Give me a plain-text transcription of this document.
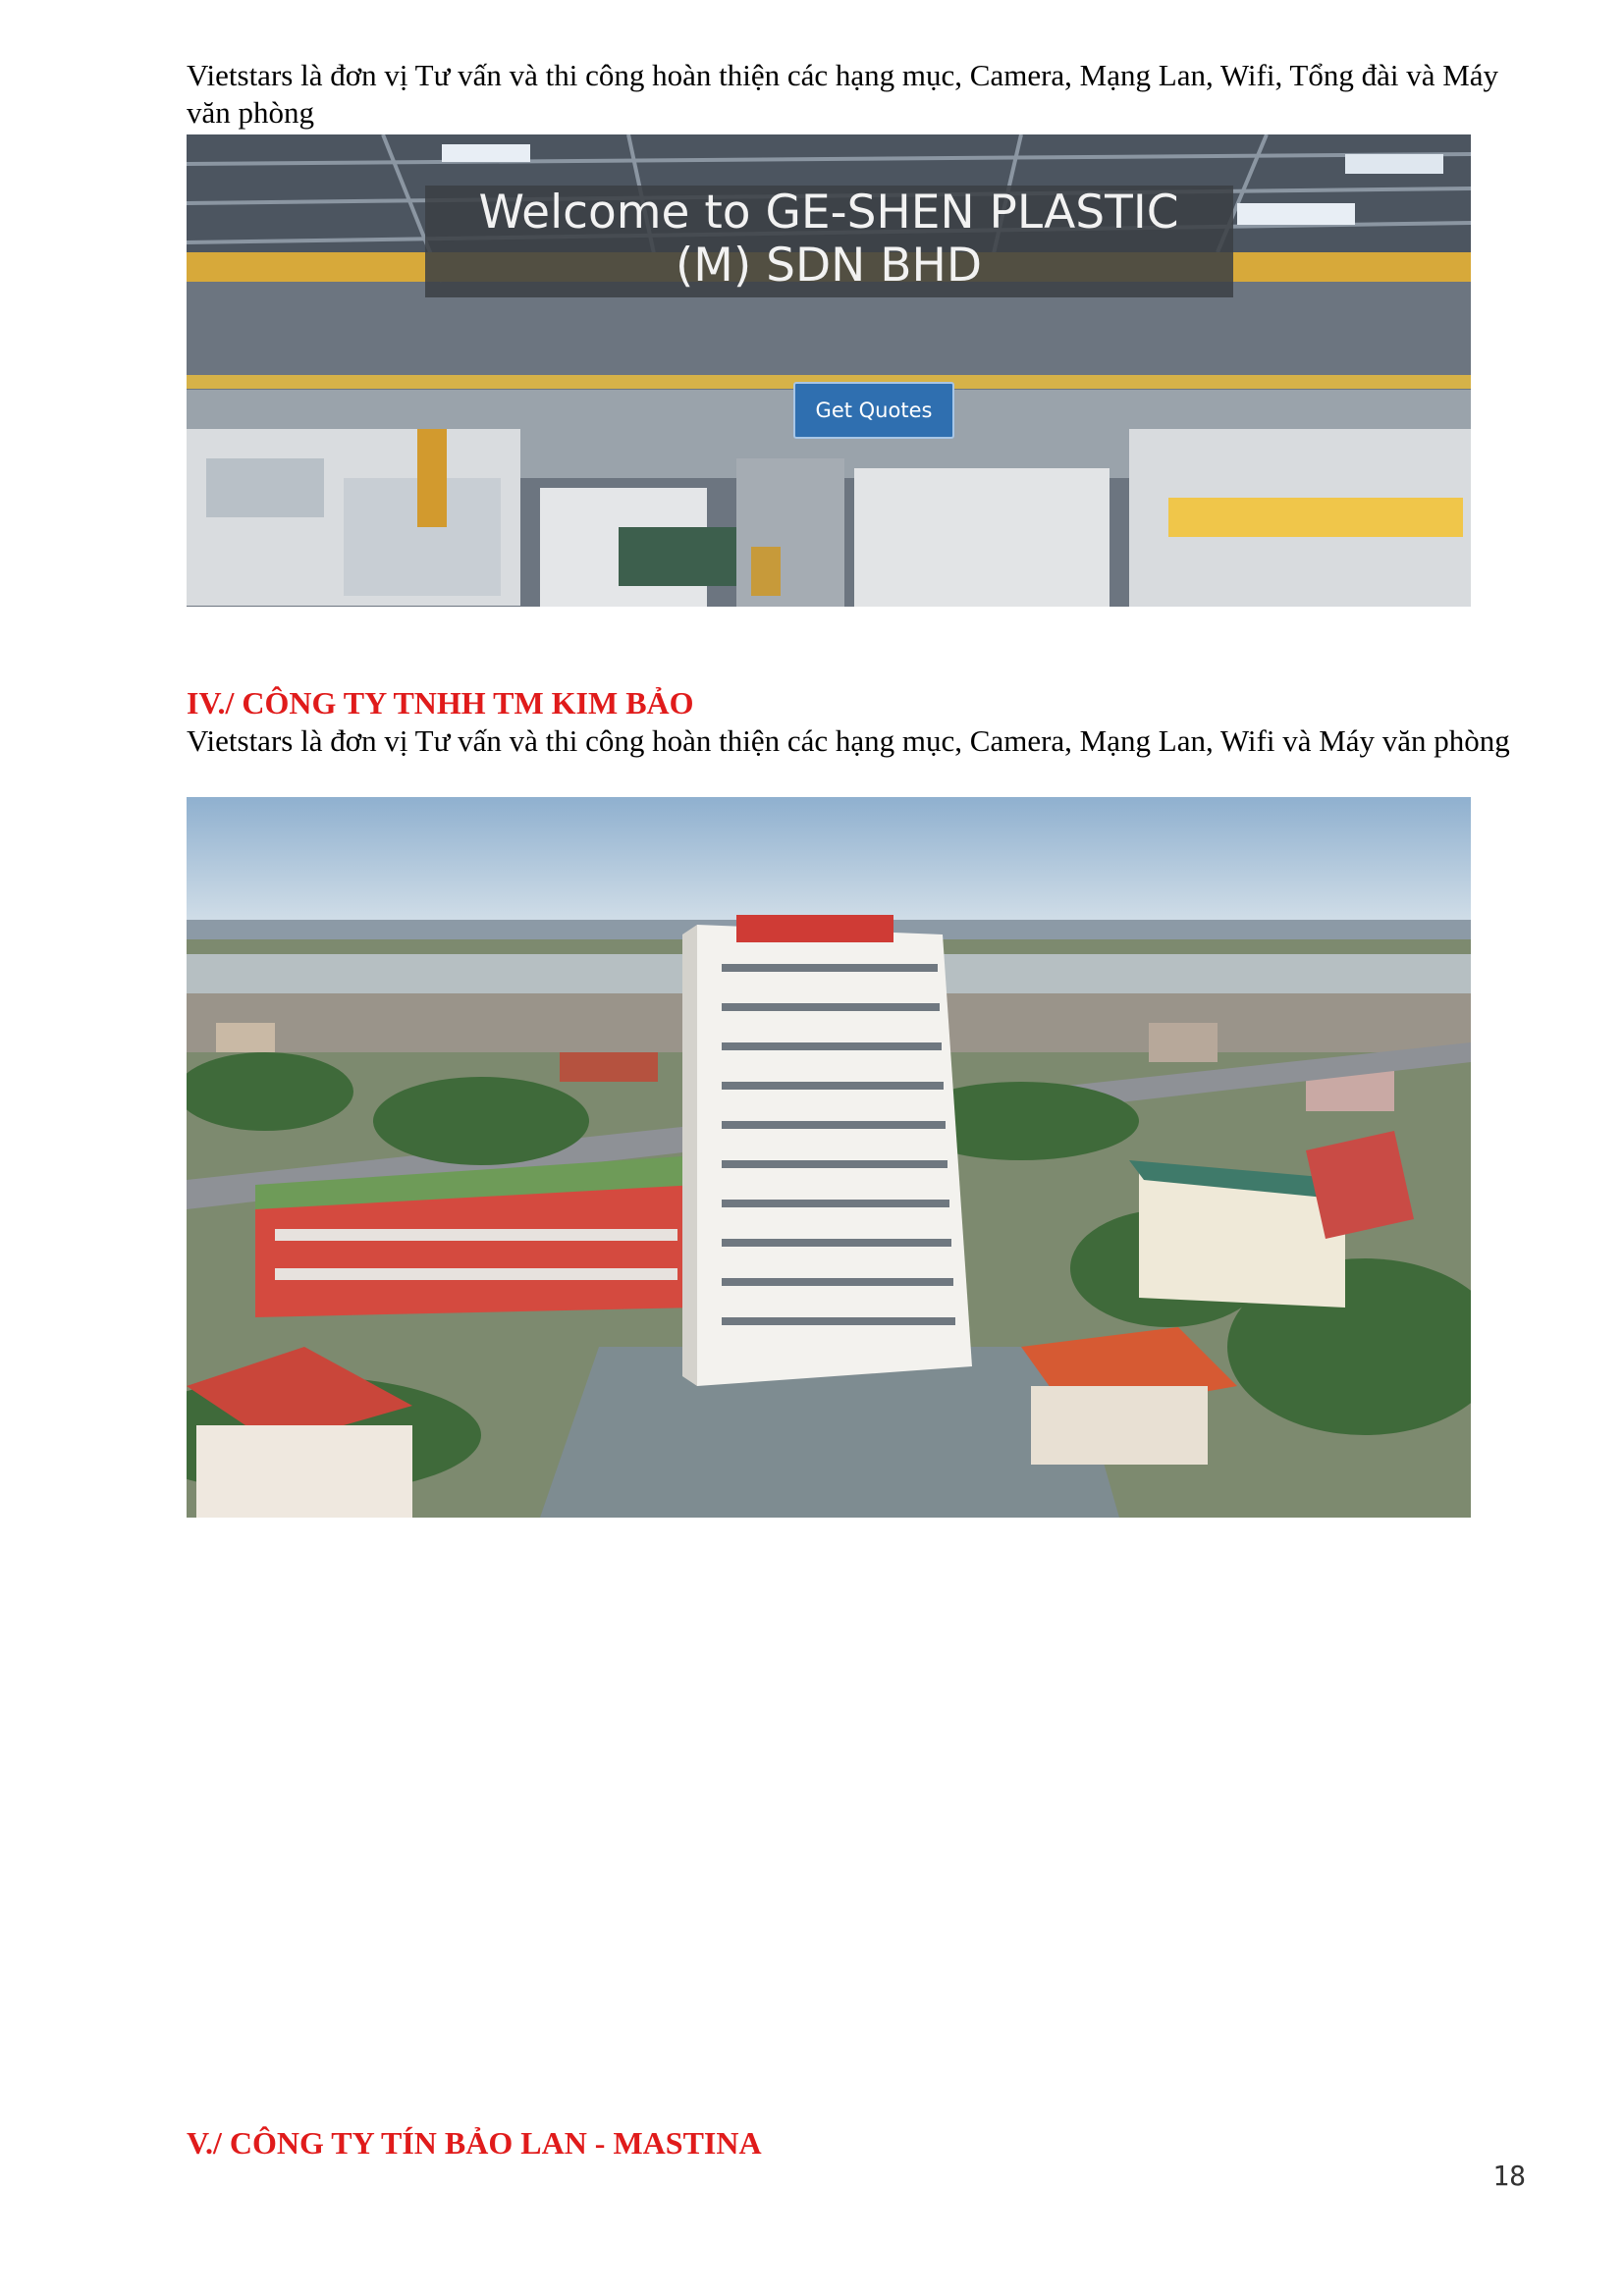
Vietstars là đơn vị Tư vấn và thi công hoàn thiện các hạng mục, Camera, Mạng Lan, Wifi, Tổng đài và Máy văn phòng

Welcome to GE-SHEN PLASTIC
(M) SDN BHD
Get Quotes
IV./ CÔNG TY TNHH TM KIM BẢO

Vietstars là đơn vị Tư vấn và thi công hoàn thiện các hạng mục, Camera, Mạng Lan, Wifi và Máy văn phòng

V./ CÔNG TY TÍN BẢO LAN - MASTINA
18
